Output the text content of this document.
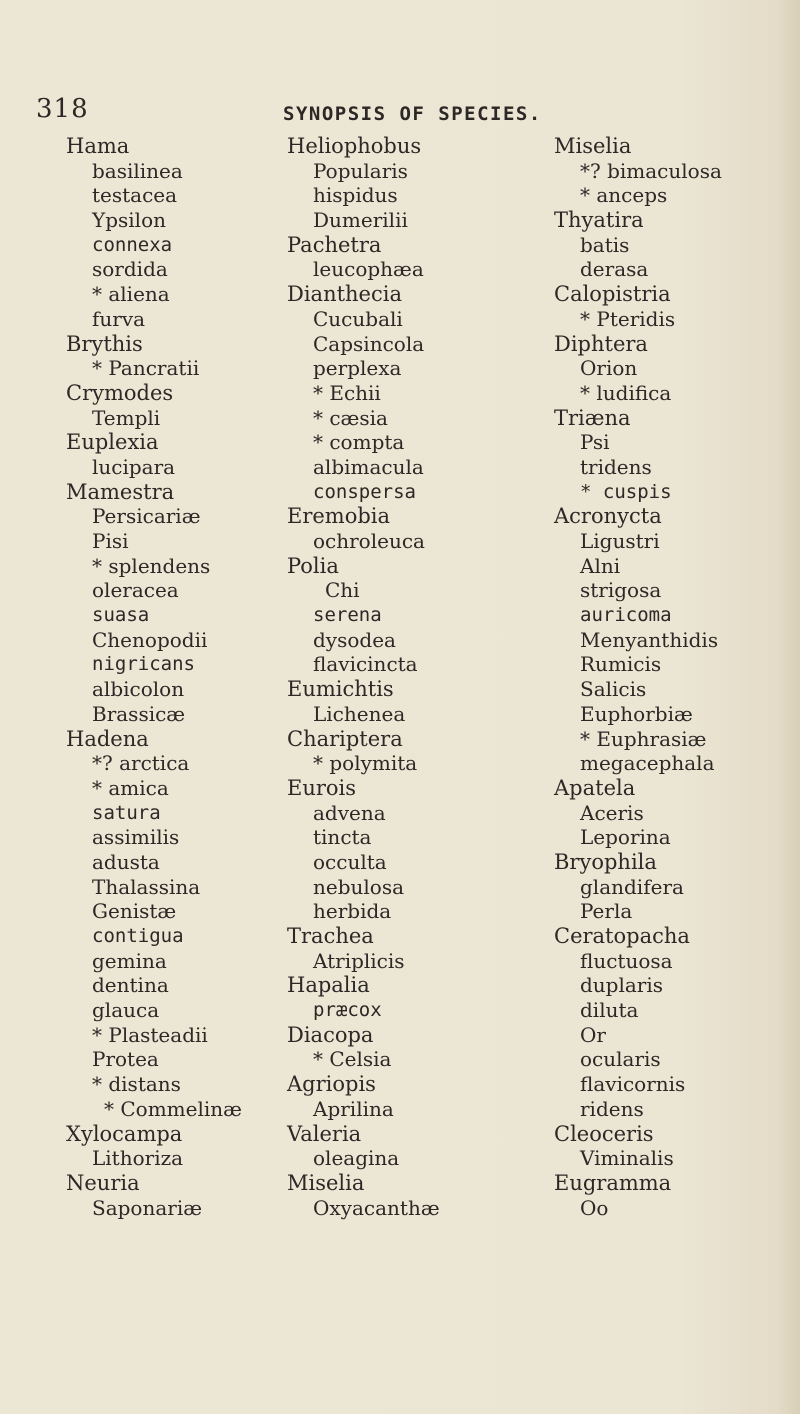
318	SYNOPSIS OF SPECIES.
Hama
basilinea
testacea
Ypsilon
connexa
sordida
* aliena
furva
Brythis
* Pancratii
Crymodes
Templi
Euplexia
lucipara
Mamestra
Persicariæ
Pisi
* splendens
oleracea
suasa
Chenopodii
nigricans
albicolon
Brassicæ
Hadena
*? arctica
* amica
satura
assimilis
adusta
Thalassina
Genistæ
contigua
gemina
dentina
glauca
* Plasteadii
Protea
* distans
* Commelinæ
Xylocampa
Lithoriza
Neuria
Saponariæ
Heliophobus
Popularis
hispidus
Dumerilii
Pachetra
leucophæa
Dianthecia
Cucubali
Capsincola
perplexa
* Echii
* cæsia
* compta
albimacula
conspersa
Eremobia
ochroleuca
Polia
Chi
serena
dysodea
flavicincta
Eumichtis
Lichenea
Chariptera
* polymita
Eurois
advena
tincta
occulta
nebulosa
herbida
Trachea
Atriplicis
Hapalia
præcox
Diacopa
* Celsia
Agriopis
Aprilina
Valeria
oleagina
Miselia
Oxyacanthæ
Miselia
*? bimaculosa
* anceps
Thyatira
batis
derasa
Calopistria
* Pteridis
Diphtera
Orion
* ludifica
Triæna
Psi
tridens
* cuspis
Acronycta
Ligustri
Alni
strigosa
auricoma
Menyanthidis
Rumicis
Salicis
Euphorbiæ
* Euphrasiæ
megacephala
Apatela
Aceris
Leporina
Bryophila
glandifera
Perla
Ceratopacha
fluctuosa
duplaris
diluta
Or
ocularis
flavicornis
ridens
Cleoceris
Viminalis
Eugramma
Oo
